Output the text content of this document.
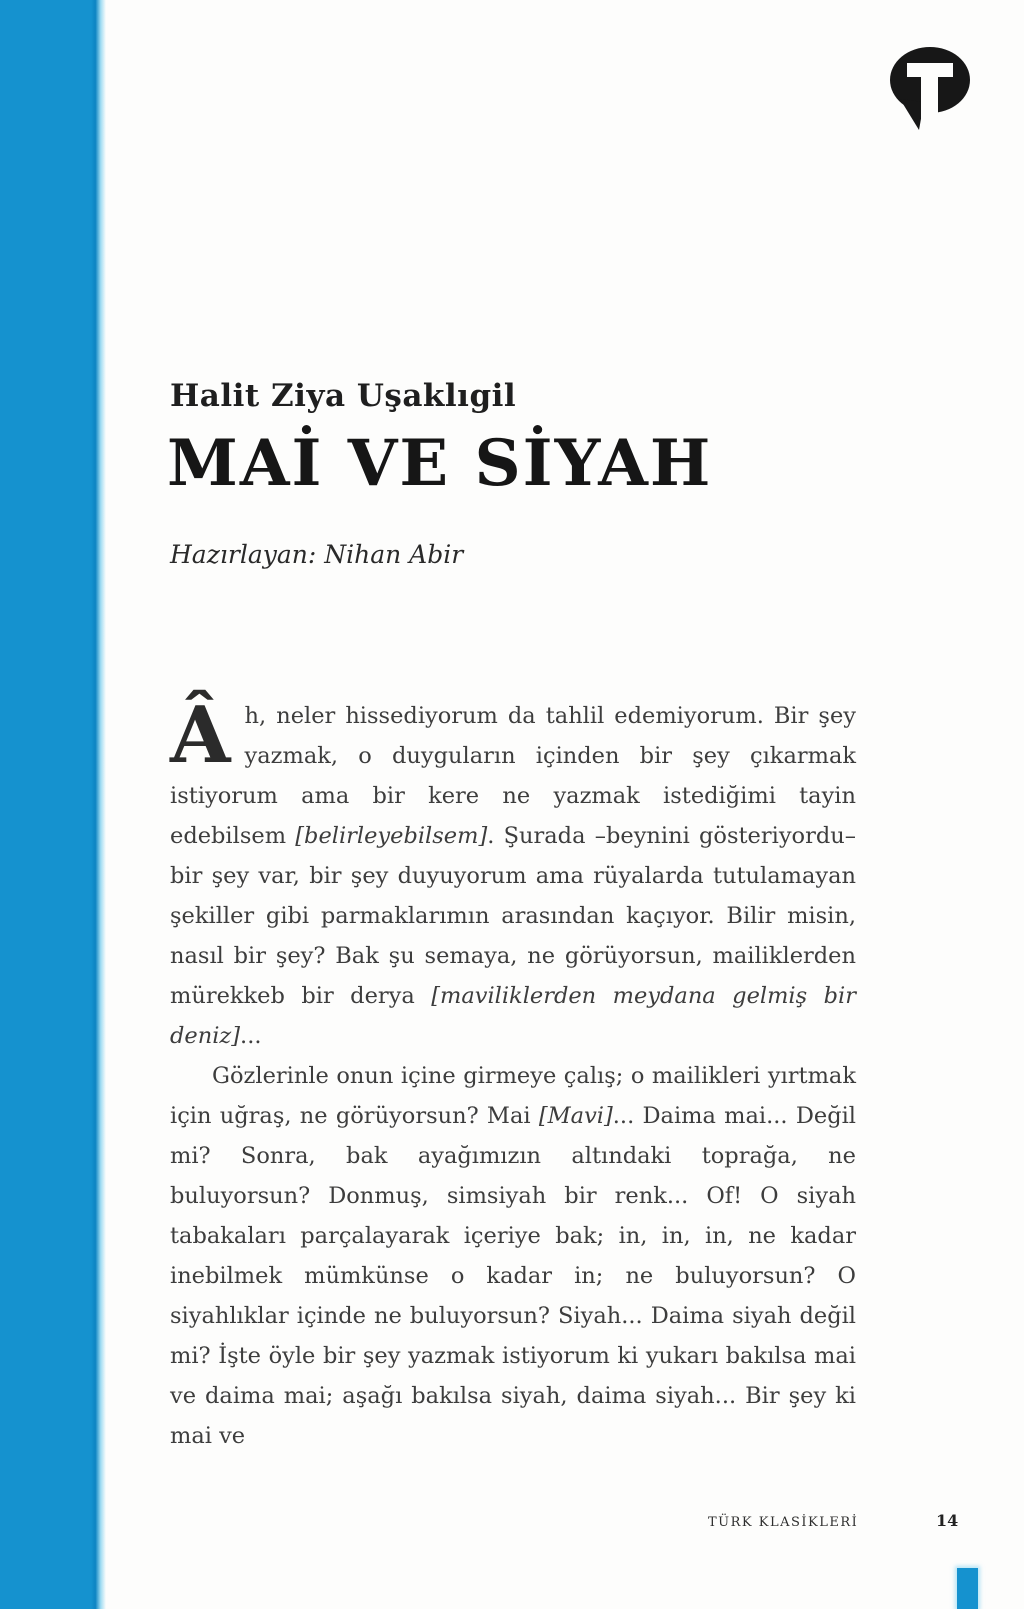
Halit Ziya Uşaklıgil
MAİ VE SİYAH
Hazırlayan: Nihan Abir

Âh, neler hissediyorum da tahlil edemiyorum. Bir şey yazmak, o duyguların içinden bir şey çıkarmak istiyorum ama bir kere ne yazmak istediğimi tayin edebilsem [belirleyebilsem]. Şurada –beynini gösteriyordu– bir şey var, bir şey duyuyorum ama rüyalarda tutulamayan şekiller gibi parmaklarımın arasından kaçıyor. Bilir misin, nasıl bir şey? Bak şu semaya, ne görüyorsun, mailiklerden mürekkeb bir derya [maviliklerden meydana gelmiş bir deniz]...

Gözlerinle onun içine girmeye çalış; o mailikleri yırtmak için uğraş, ne görüyorsun? Mai [Mavi]... Daima mai... Değil mi? Sonra, bak ayağımızın altındaki toprağa, ne buluyorsun? Donmuş, simsiyah bir renk... Of! O siyah tabakaları parçalayarak içeriye bak; in, in, in, ne kadar inebilmek mümkünse o kadar in; ne buluyorsun? O siyahlıklar içinde ne buluyorsun? Siyah... Daima siyah değil mi? İşte öyle bir şey yazmak istiyorum ki yukarı bakılsa mai ve daima mai; aşağı bakılsa siyah, daima siyah... Bir şey ki mai ve

TÜRK KLASİKLERİ	14
